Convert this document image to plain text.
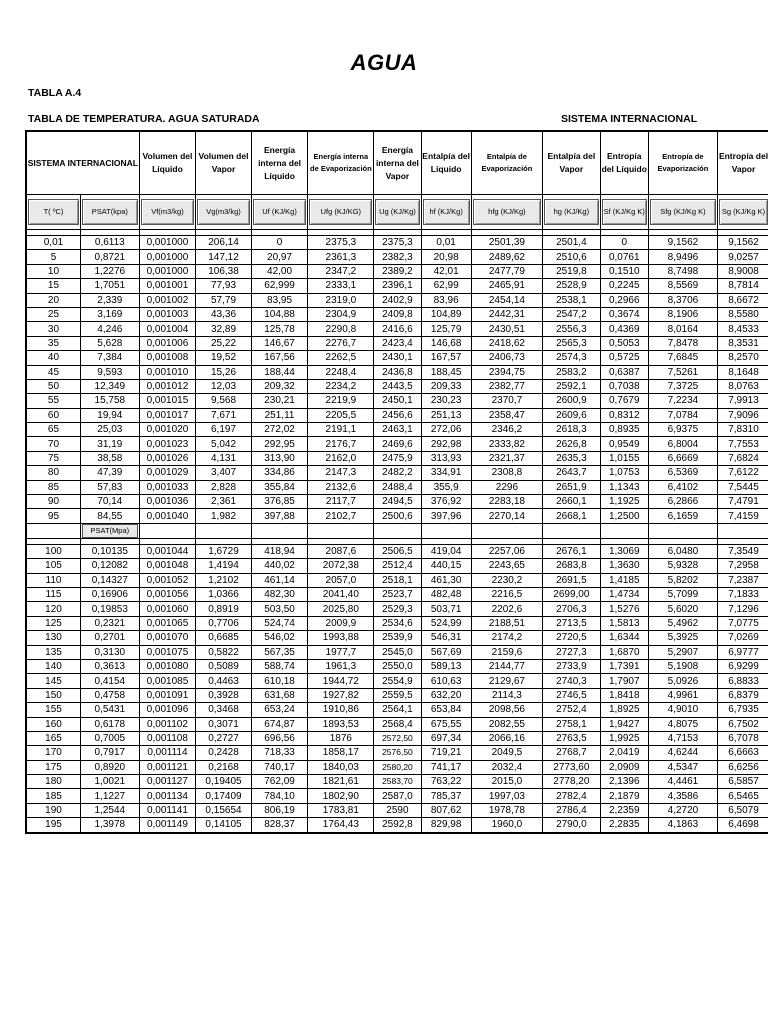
AGUA
TABLA A.4
TABLA DE TEMPERATURA. AGUA SATURADA	SISTEMA INTERNACIONAL
SISTEMA INTERNACIONAL		Volumen del Líquido	Volumen del Vapor	Energía interna del Líquido	Energía interna de Evaporización	Energía interna del Vapor	Entalpía del Líquido	Entalpía de Evaporización	Entalpía del Vapor	Entropía del Líquido	Entropía de Evaporización	Entropía del Vapor

T( ºC)	PSAT(kpa)	Vf(m3/kg)	Vg(m3/kg)	Uf (KJ/Kg)	Ufg (KJ/KG)	Ug (KJ/Kg)	hf (KJ/Kg)	hfg (KJ/Kg)	hg (KJ/Kg)	Sf (KJ/Kg K)	Sfg (KJ/Kg K)	Sg (KJ/Kg K)

0,01	0,6113	0,001000	206,14	0	2375,3	2375,3	0,01	2501,39	2501,4	0	9,1562	9,1562
5	0,8721	0,001000	147,12	20,97	2361,3	2382,3	20,98	2489,62	2510,6	0,0761	8,9496	9,0257
10	1,2276	0,001000	106,38	42,00	2347,2	2389,2	42,01	2477,79	2519,8	0,1510	8,7498	8,9008
15	1,7051	0,001001	77,93	62,999	2333,1	2396,1	62,99	2465,91	2528,9	0,2245	8,5569	8,7814
20	2,339	0,001002	57,79	83,95	2319,0	2402,9	83,96	2454,14	2538,1	0,2966	8,3706	8,6672
25	3,169	0,001003	43,36	104,88	2304,9	2409,8	104,89	2442,31	2547,2	0,3674	8,1906	8,5580
30	4,246	0,001004	32,89	125,78	2290,8	2416,6	125,79	2430,51	2556,3	0,4369	8,0164	8,4533
35	5,628	0,001006	25,22	146,67	2276,7	2423,4	146,68	2418,62	2565,3	0,5053	7,8478	8,3531
40	7,384	0,001008	19,52	167,56	2262,5	2430,1	167,57	2406,73	2574,3	0,5725	7,6845	8,2570
45	9,593	0,001010	15,26	188,44	2248,4	2436,8	188,45	2394,75	2583,2	0,6387	7,5261	8,1648
50	12,349	0,001012	12,03	209,32	2234,2	2443,5	209,33	2382,77	2592,1	0,7038	7,3725	8,0763
55	15,758	0,001015	9,568	230,21	2219,9	2450,1	230,23	2370,7	2600,9	0,7679	7,2234	7,9913
60	19,94	0,001017	7,671	251,11	2205,5	2456,6	251,13	2358,47	2609,6	0,8312	7,0784	7,9096
65	25,03	0,001020	6,197	272,02	2191,1	2463,1	272,06	2346,2	2618,3	0,8935	6,9375	7,8310
70	31,19	0,001023	5,042	292,95	2176,7	2469,6	292,98	2333,82	2626,8	0,9549	6,8004	7,7553
75	38,58	0,001026	4,131	313,90	2162,0	2475,9	313,93	2321,37	2635,3	1,0155	6,6669	7,6824
80	47,39	0,001029	3,407	334,86	2147,3	2482,2	334,91	2308,8	2643,7	1,0753	6,5369	7,6122
85	57,83	0,001033	2,828	355,84	2132,6	2488,4	355,9	2296	2651,9	1,1343	6,4102	7,5445
90	70,14	0,001036	2,361	376,85	2117,7	2494,5	376,92	2283,18	2660,1	1,1925	6,2866	7,4791
95	84,55	0,001040	1,982	397,88	2102,7	2500,6	397,96	2270,14	2668,1	1,2500	6,1659	7,4159

	PSAT(Mpa)											

100	0,10135	0,001044	1,6729	418,94	2087,6	2506,5	419,04	2257,06	2676,1	1,3069	6,0480	7,3549
105	0,12082	0,001048	1,4194	440,02	2072,38	2512,4	440,15	2243,65	2683,8	1,3630	5,9328	7,2958
110	0,14327	0,001052	1,2102	461,14	2057,0	2518,1	461,30	2230,2	2691,5	1,4185	5,8202	7,2387
115	0,16906	0,001056	1,0366	482,30	2041,40	2523,7	482,48	2216,5	2699,00	1,4734	5,7099	7,1833
120	0,19853	0,001060	0,8919	503,50	2025,80	2529,3	503,71	2202,6	2706,3	1,5276	5,6020	7,1296
125	0,2321	0,001065	0,7706	524,74	2009,9	2534,6	524,99	2188,51	2713,5	1,5813	5,4962	7,0775
130	0,2701	0,001070	0,6685	546,02	1993,88	2539,9	546,31	2174,2	2720,5	1,6344	5,3925	7,0269
135	0,3130	0,001075	0,5822	567,35	1977,7	2545,0	567,69	2159,6	2727,3	1,6870	5,2907	6,9777
140	0,3613	0,001080	0,5089	588,74	1961,3	2550,0	589,13	2144,77	2733,9	1,7391	5,1908	6,9299
145	0,4154	0,001085	0,4463	610,18	1944,72	2554,9	610,63	2129,67	2740,3	1,7907	5,0926	6,8833
150	0,4758	0,001091	0,3928	631,68	1927,82	2559,5	632,20	2114,3	2746,5	1,8418	4,9961	6,8379
155	0,5431	0,001096	0,3468	653,24	1910,86	2564,1	653,84	2098,56	2752,4	1,8925	4,9010	6,7935
160	0,6178	0,001102	0,3071	674,87	1893,53	2568,4	675,55	2082,55	2758,1	1,9427	4,8075	6,7502
165	0,7005	0,001108	0,2727	696,56	1876	2572,50	697,34	2066,16	2763,5	1,9925	4,7153	6,7078
170	0,7917	0,001114	0,2428	718,33	1858,17	2576,50	719,21	2049,5	2768,7	2,0419	4,6244	6,6663
175	0,8920	0,001121	0,2168	740,17	1840,03	2580,20	741,17	2032,4	2773,60	2,0909	4,5347	6,6256
180	1,0021	0,001127	0,19405	762,09	1821,61	2583,70	763,22	2015,0	2778,20	2,1396	4,4461	6,5857
185	1,1227	0,001134	0,17409	784,10	1802,90	2587,0	785,37	1997,03	2782,4	2,1879	4,3586	6,5465
190	1,2544	0,001141	0,15654	806,19	1783,81	2590	807,62	1978,78	2786,4	2,2359	4,2720	6,5079
195	1,3978	0,001149	0,14105	828,37	1764,43	2592,8	829,98	1960,0	2790,0	2,2835	4,1863	6,4698
